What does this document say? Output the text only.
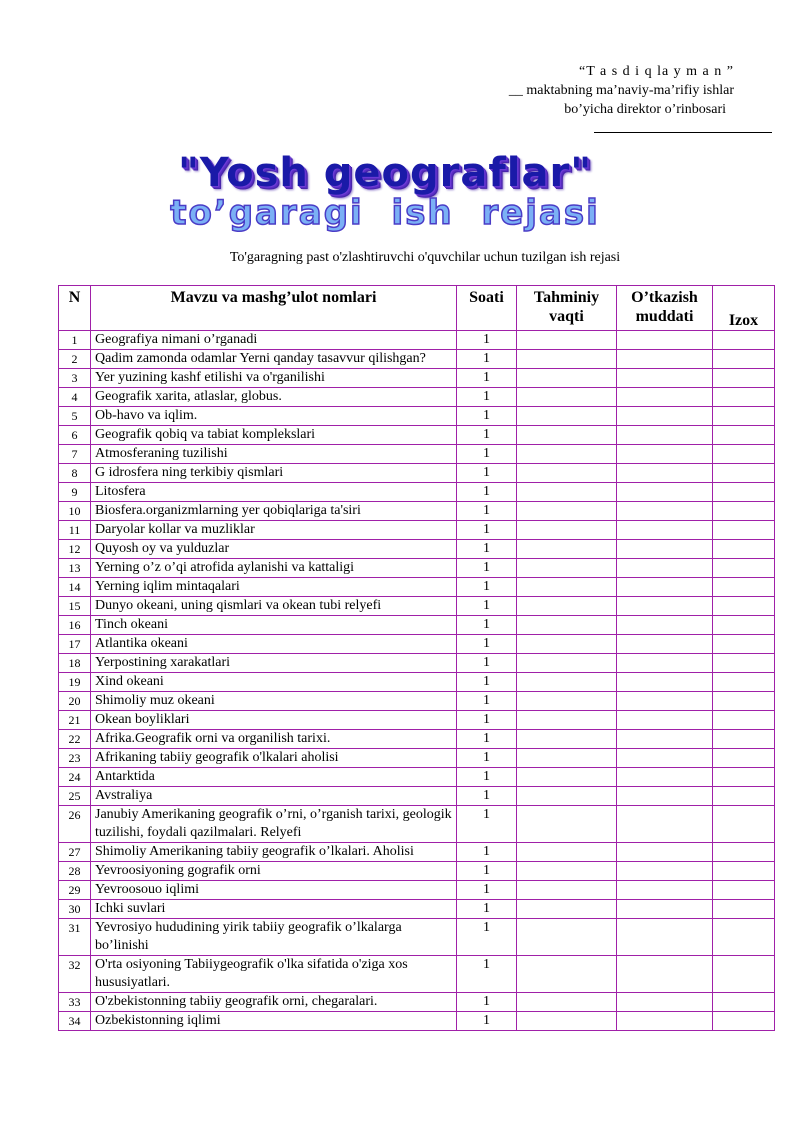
“T a s d i q la y m a n ”
__ maktabning ma’naviy-ma’rifiy ishlar
bo’yicha direktor o’rinbosari
"Yosh geograflar"
to’garagi ish rejasi
To'garagning past o'zlashtiruvchi o'quvchilar uchun tuzilgan ish rejasi
N	Mavzu va mashg’ulot nomlari	Soati	Tahminiy vaqti	O’tkazish muddati	Izox
1	Geografiya nimani o’rganadi	1			
2	Qadim zamonda odamlar Yerni qanday tasavvur qilishgan?	1			
3	Yer yuzining kashf etilishi va o'rganilishi	1			
4	Geografik xarita, atlaslar, globus.	1			
5	Ob-havo va iqlim.	1			
6	Geografik qobiq va tabiat komplekslari	1			
7	Atmosferaning tuzilishi	1			
8	G idrosfera ning terkibiy qismlari	1			
9	Litosfera	1			
10	Biosfera.organizmlarning yer qobiqlariga ta'siri	1			
11	Daryolar kollar va muzliklar	1			
12	Quyosh oy va yulduzlar	1			
13	Yerning o’z o’qi atrofida aylanishi va kattaligi	1			
14	Yerning iqlim mintaqalari	1			
15	Dunyo okeani, uning qismlari va okean tubi relyefi	1			
16	Tinch okeani	1			
17	Atlantika okeani	1			
18	Yerpostining xarakatlari	1			
19	Xind okeani	1			
20	Shimoliy muz okeani	1			
21	Okean boyliklari	1			
22	Afrika.Geografik orni va organilish tarixi.	1			
23	Afrikaning tabiiy geografik o'lkalari aholisi	1			
24	Antarktida	1			
25	Avstraliya	1			
26	Janubiy Amerikaning geografik o’rni, o’rganish tarixi, geologik tuzilishi, foydali qazilmalari. Relyefi	1			
27	Shimoliy Amerikaning tabiiy geografik o’lkalari. Aholisi	1			
28	Yevroosiyoning gografik orni	1			
29	Yevroosouo iqlimi	1			
30	Ichki suvlari	1			
31	Yevrosiyo hududining yirik tabiiy geografik o’lkalarga bo’linishi	1			
32	O'rta osiyoning Tabiiygeografik o'lka sifatida o'ziga xos hususiyatlari.	1			
33	O'zbekistonning tabiiy geografik orni, chegaralari.	1			
34	Ozbekistonning iqlimi	1			
